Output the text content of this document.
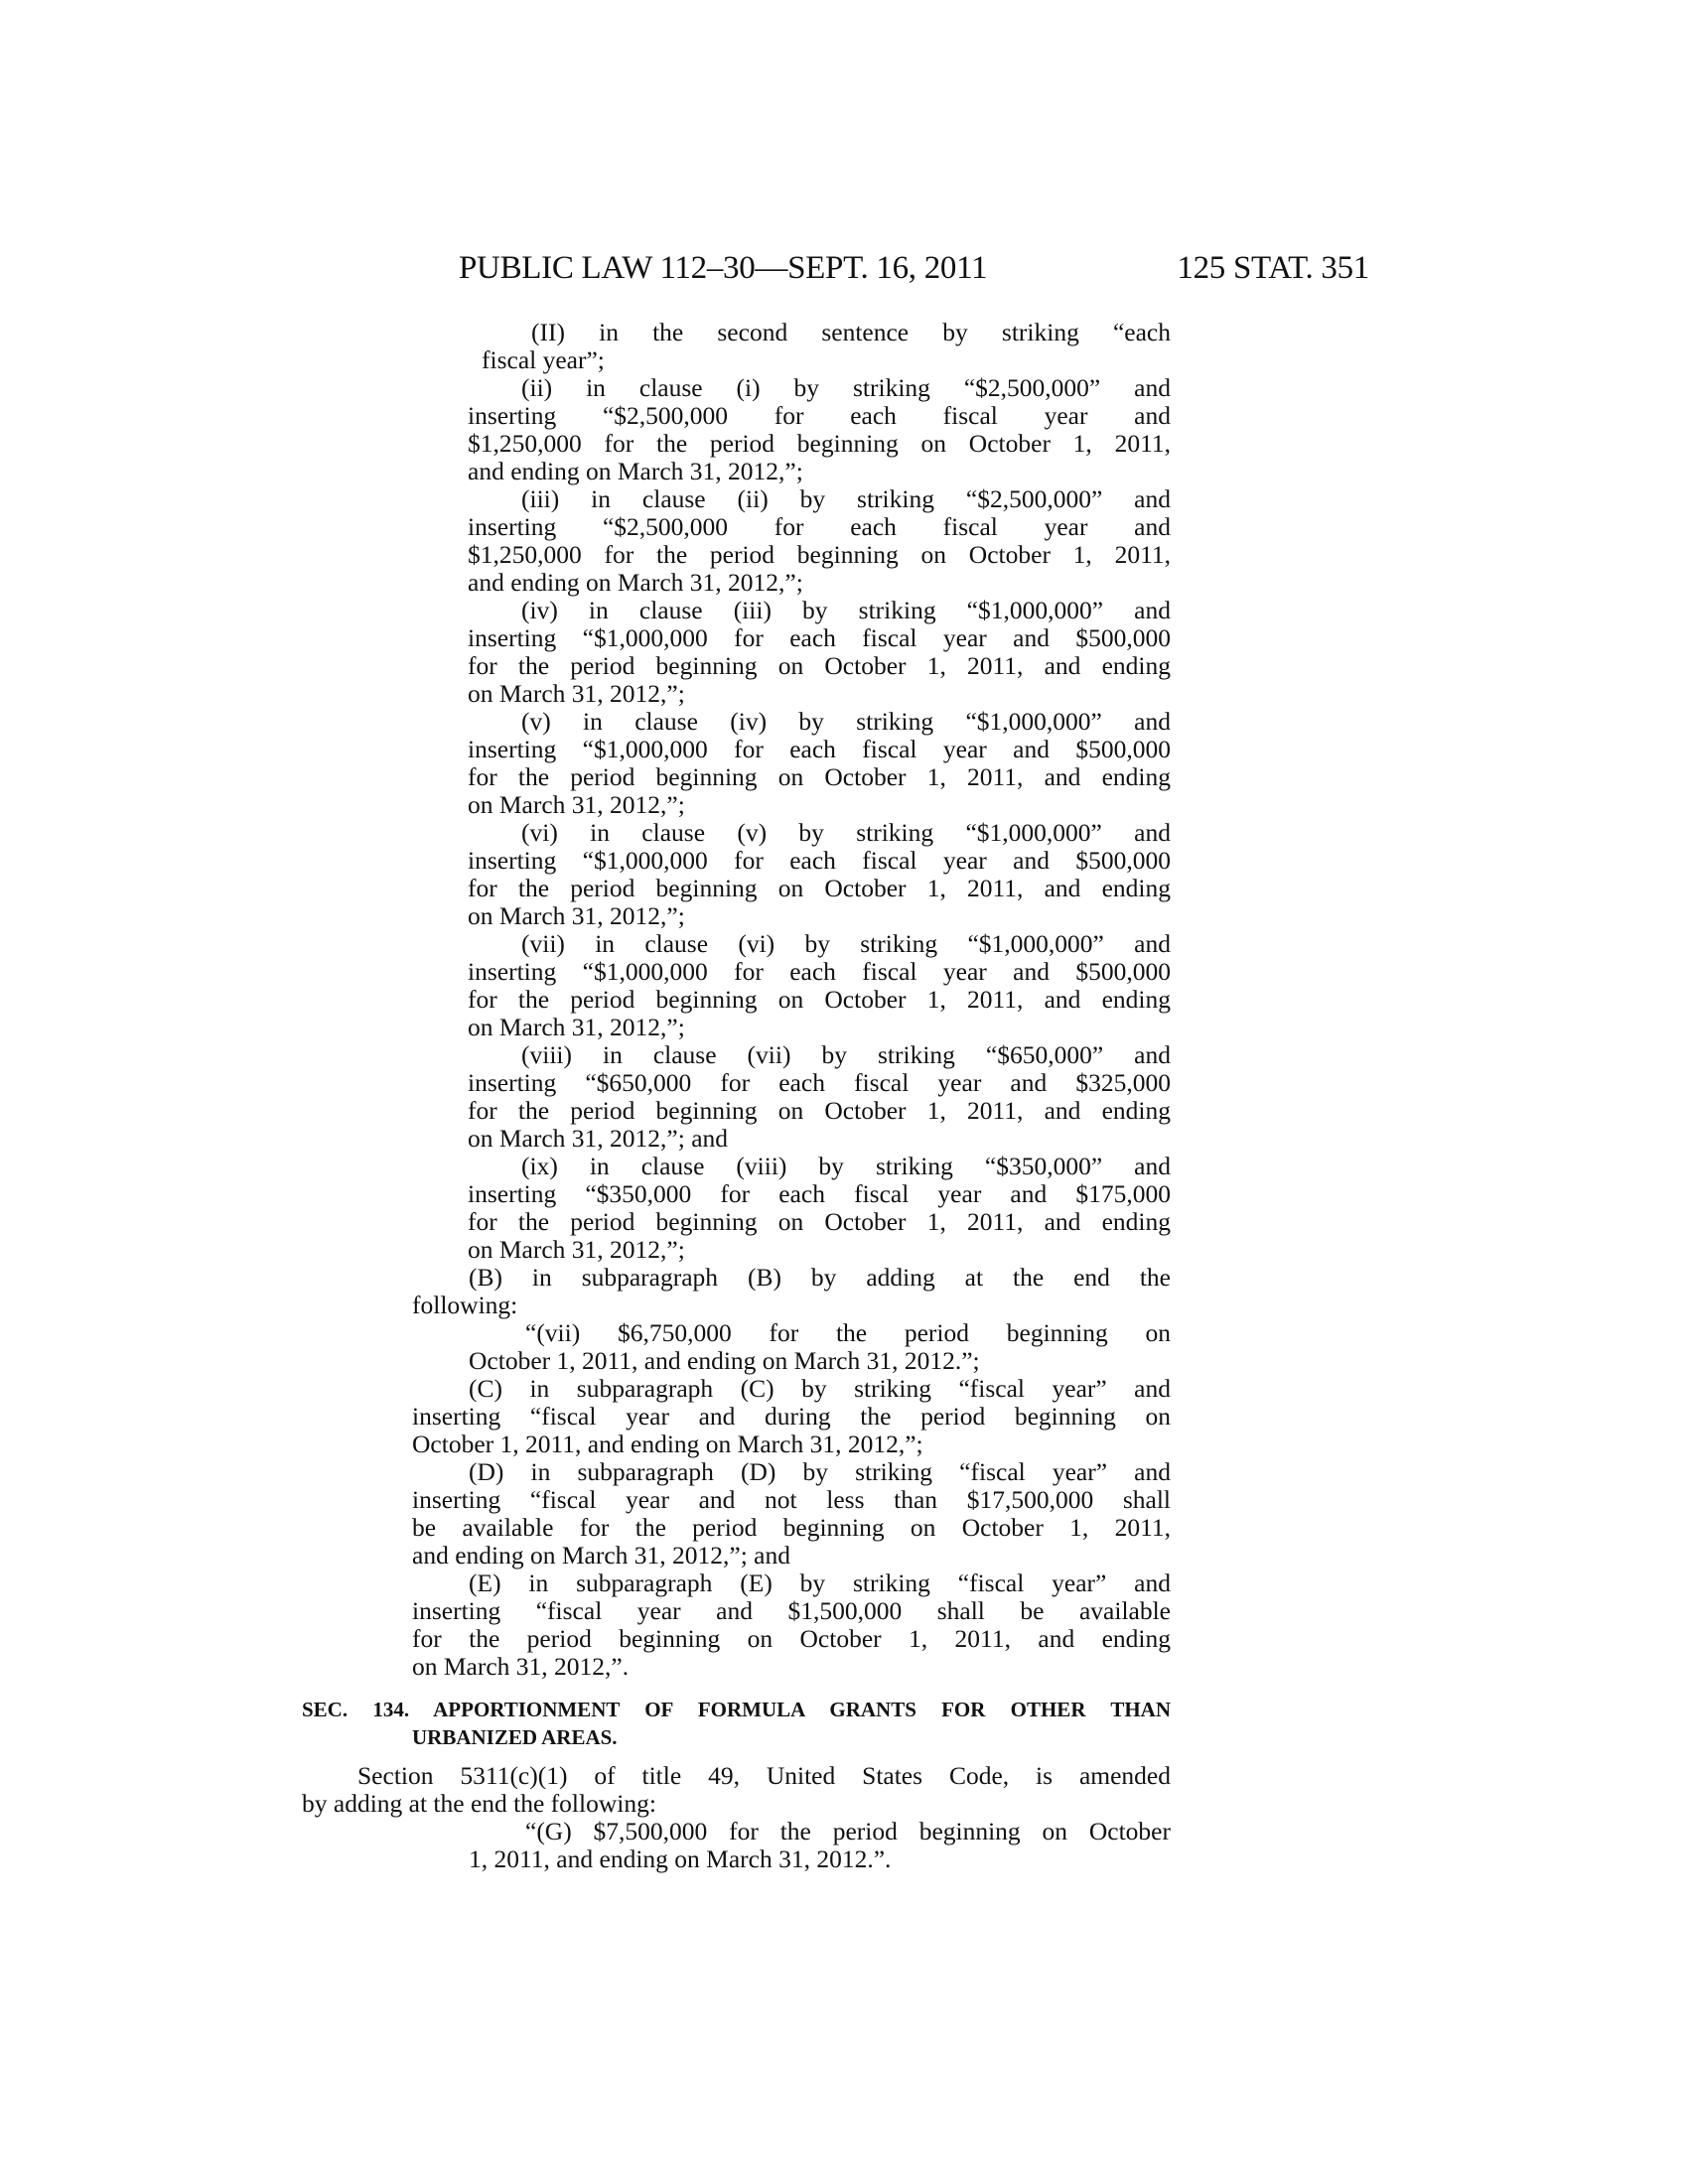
PUBLIC LAW 112–30—SEPT. 16, 2011	125 STAT. 351
(II) in the second sentence by striking “each
fiscal year”;
(ii) in clause (i) by striking “$2,500,000” and
inserting “$2,500,000 for each fiscal year and
$1,250,000 for the period beginning on October 1, 2011,
and ending on March 31, 2012,”;
(iii) in clause (ii) by striking “$2,500,000” and
inserting “$2,500,000 for each fiscal year and
$1,250,000 for the period beginning on October 1, 2011,
and ending on March 31, 2012,”;
(iv) in clause (iii) by striking “$1,000,000” and
inserting “$1,000,000 for each fiscal year and $500,000
for the period beginning on October 1, 2011, and ending
on March 31, 2012,”;
(v) in clause (iv) by striking “$1,000,000” and
inserting “$1,000,000 for each fiscal year and $500,000
for the period beginning on October 1, 2011, and ending
on March 31, 2012,”;
(vi) in clause (v) by striking “$1,000,000” and
inserting “$1,000,000 for each fiscal year and $500,000
for the period beginning on October 1, 2011, and ending
on March 31, 2012,”;
(vii) in clause (vi) by striking “$1,000,000” and
inserting “$1,000,000 for each fiscal year and $500,000
for the period beginning on October 1, 2011, and ending
on March 31, 2012,”;
(viii) in clause (vii) by striking “$650,000” and
inserting “$650,000 for each fiscal year and $325,000
for the period beginning on October 1, 2011, and ending
on March 31, 2012,”; and
(ix) in clause (viii) by striking “$350,000” and
inserting “$350,000 for each fiscal year and $175,000
for the period beginning on October 1, 2011, and ending
on March 31, 2012,”;
(B) in subparagraph (B) by adding at the end the
following:
“(vii) $6,750,000 for the period beginning on
October 1, 2011, and ending on March 31, 2012.”;
(C) in subparagraph (C) by striking “fiscal year” and
inserting “fiscal year and during the period beginning on
October 1, 2011, and ending on March 31, 2012,”;
(D) in subparagraph (D) by striking “fiscal year” and
inserting “fiscal year and not less than $17,500,000 shall
be available for the period beginning on October 1, 2011,
and ending on March 31, 2012,”; and
(E) in subparagraph (E) by striking “fiscal year” and
inserting “fiscal year and $1,500,000 shall be available
for the period beginning on October 1, 2011, and ending
on March 31, 2012,”.
SEC. 134. APPORTIONMENT OF FORMULA GRANTS FOR OTHER THAN
URBANIZED AREAS.
Section 5311(c)(1) of title 49, United States Code, is amended
by adding at the end the following:
“(G) $7,500,000 for the period beginning on October
1, 2011, and ending on March 31, 2012.”.
